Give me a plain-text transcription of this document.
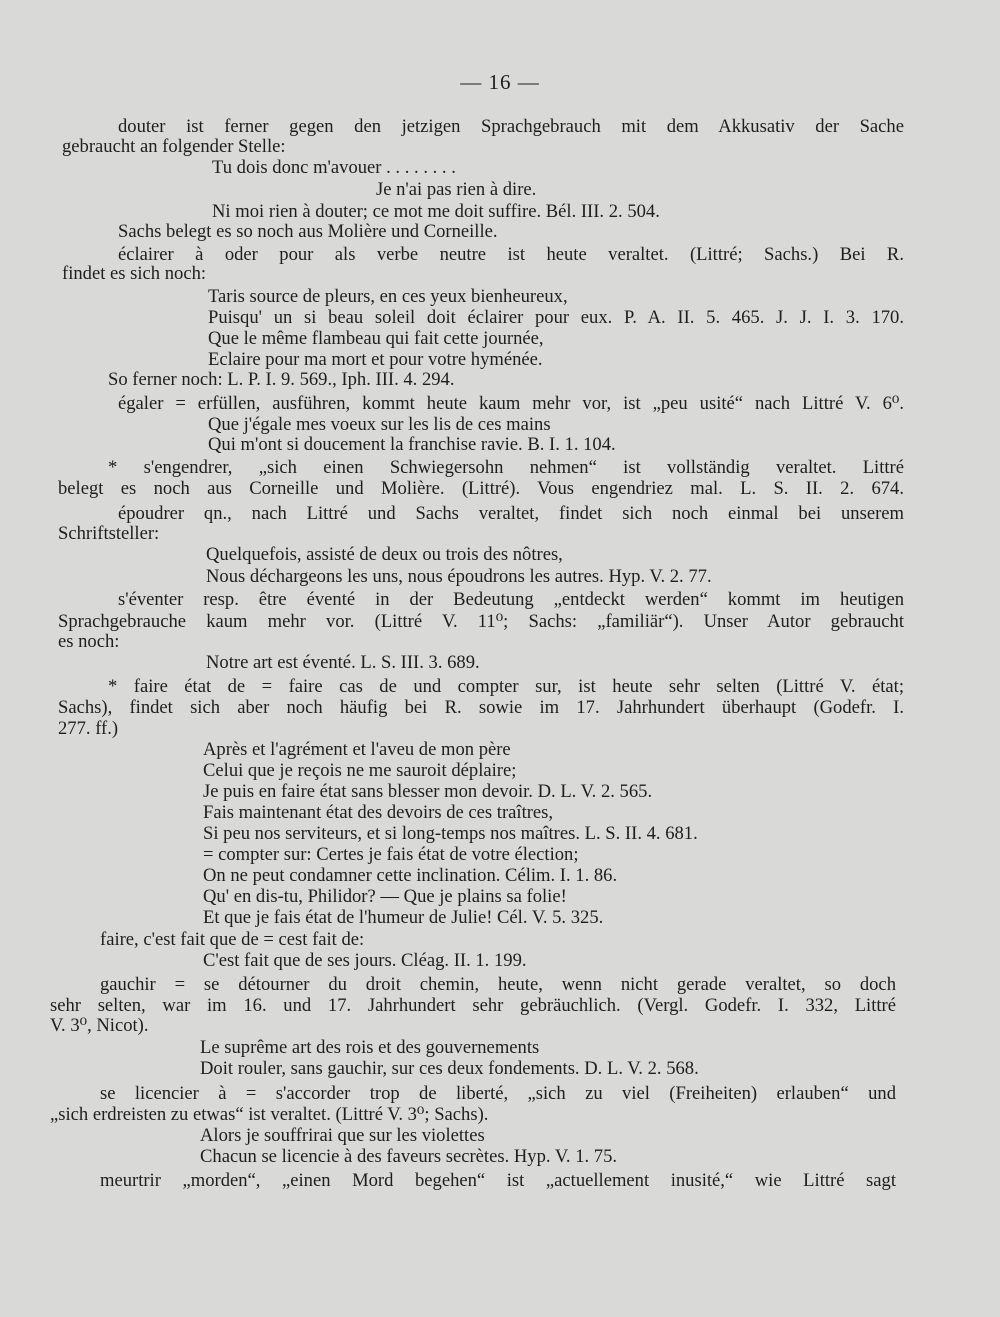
— 16 —
douter ist ferner gegen den jetzigen Sprachgebrauch mit dem Akkusativ der Sache
gebraucht an folgender Stelle:
Tu dois donc m'avouer . . . . . . . .
Je n'ai pas rien à dire.
Ni moi rien à douter; ce mot me doit suffire. Bél. III. 2. 504.
Sachs belegt es so noch aus Molière und Corneille.
éclairer à oder pour als verbe neutre ist heute veraltet. (Littré; Sachs.) Bei R.
findet es sich noch:
Taris source de pleurs, en ces yeux bienheureux,
Puisqu' un si beau soleil doit éclairer pour eux. P. A. II. 5. 465. J. J. I. 3. 170.
Que le même flambeau qui fait cette journée,
Eclaire pour ma mort et pour votre hyménée.
So ferner noch: L. P. I. 9. 569., Iph. III. 4. 294.
égaler = erfüllen, ausführen, kommt heute kaum mehr vor, ist „peu usité“ nach Littré V. 6⁰.
Que j'égale mes voeux sur les lis de ces mains
Qui m'ont si doucement la franchise ravie. B. I. 1. 104.
* s'engendrer, „sich einen Schwiegersohn nehmen“ ist vollständig veraltet. Littré
belegt es noch aus Corneille und Molière. (Littré). Vous engendriez mal. L. S. II. 2. 674.
époudrer qn., nach Littré und Sachs veraltet, findet sich noch einmal bei unserem
Schriftsteller:
Quelquefois, assisté de deux ou trois des nôtres,
Nous déchargeons les uns, nous époudrons les autres. Hyp. V. 2. 77.
s'éventer resp. être éventé in der Bedeutung „entdeckt werden“ kommt im heutigen
Sprachgebrauche kaum mehr vor. (Littré V. 11⁰; Sachs: „familiär“). Unser Autor gebraucht
es noch:
Notre art est éventé. L. S. III. 3. 689.
* faire état de = faire cas de und compter sur, ist heute sehr selten (Littré V. état;
Sachs), findet sich aber noch häufig bei R. sowie im 17. Jahrhundert überhaupt (Godefr. I.
277. ff.)
Après et l'agrément et l'aveu de mon père
Celui que je reçois ne me sauroit déplaire;
Je puis en faire état sans blesser mon devoir. D. L. V. 2. 565.
Fais maintenant état des devoirs de ces traîtres,
Si peu nos serviteurs, et si long-temps nos maîtres. L. S. II. 4. 681.
= compter sur: Certes je fais état de votre élection;
On ne peut condamner cette inclination. Célim. I. 1. 86.
Qu' en dis-tu, Philidor? — Que je plains sa folie!
Et que je fais état de l'humeur de Julie! Cél. V. 5. 325.
faire, c'est fait que de = cest fait de:
C'est fait que de ses jours. Cléag. II. 1. 199.
gauchir = se détourner du droit chemin, heute, wenn nicht gerade veraltet, so doch
sehr selten, war im 16. und 17. Jahrhundert sehr gebräuchlich. (Vergl. Godefr. I. 332, Littré
V. 3⁰, Nicot).
Le suprême art des rois et des gouvernements
Doit rouler, sans gauchir, sur ces deux fondements. D. L. V. 2. 568.
se licencier à = s'accorder trop de liberté, „sich zu viel (Freiheiten) erlauben“ und
„sich erdreisten zu etwas“ ist veraltet. (Littré V. 3⁰; Sachs).
Alors je souffrirai que sur les violettes
Chacun se licencie à des faveurs secrètes. Hyp. V. 1. 75.
meurtrir „morden“, „einen Mord begehen“ ist „actuellement inusité,“ wie Littré sagt
